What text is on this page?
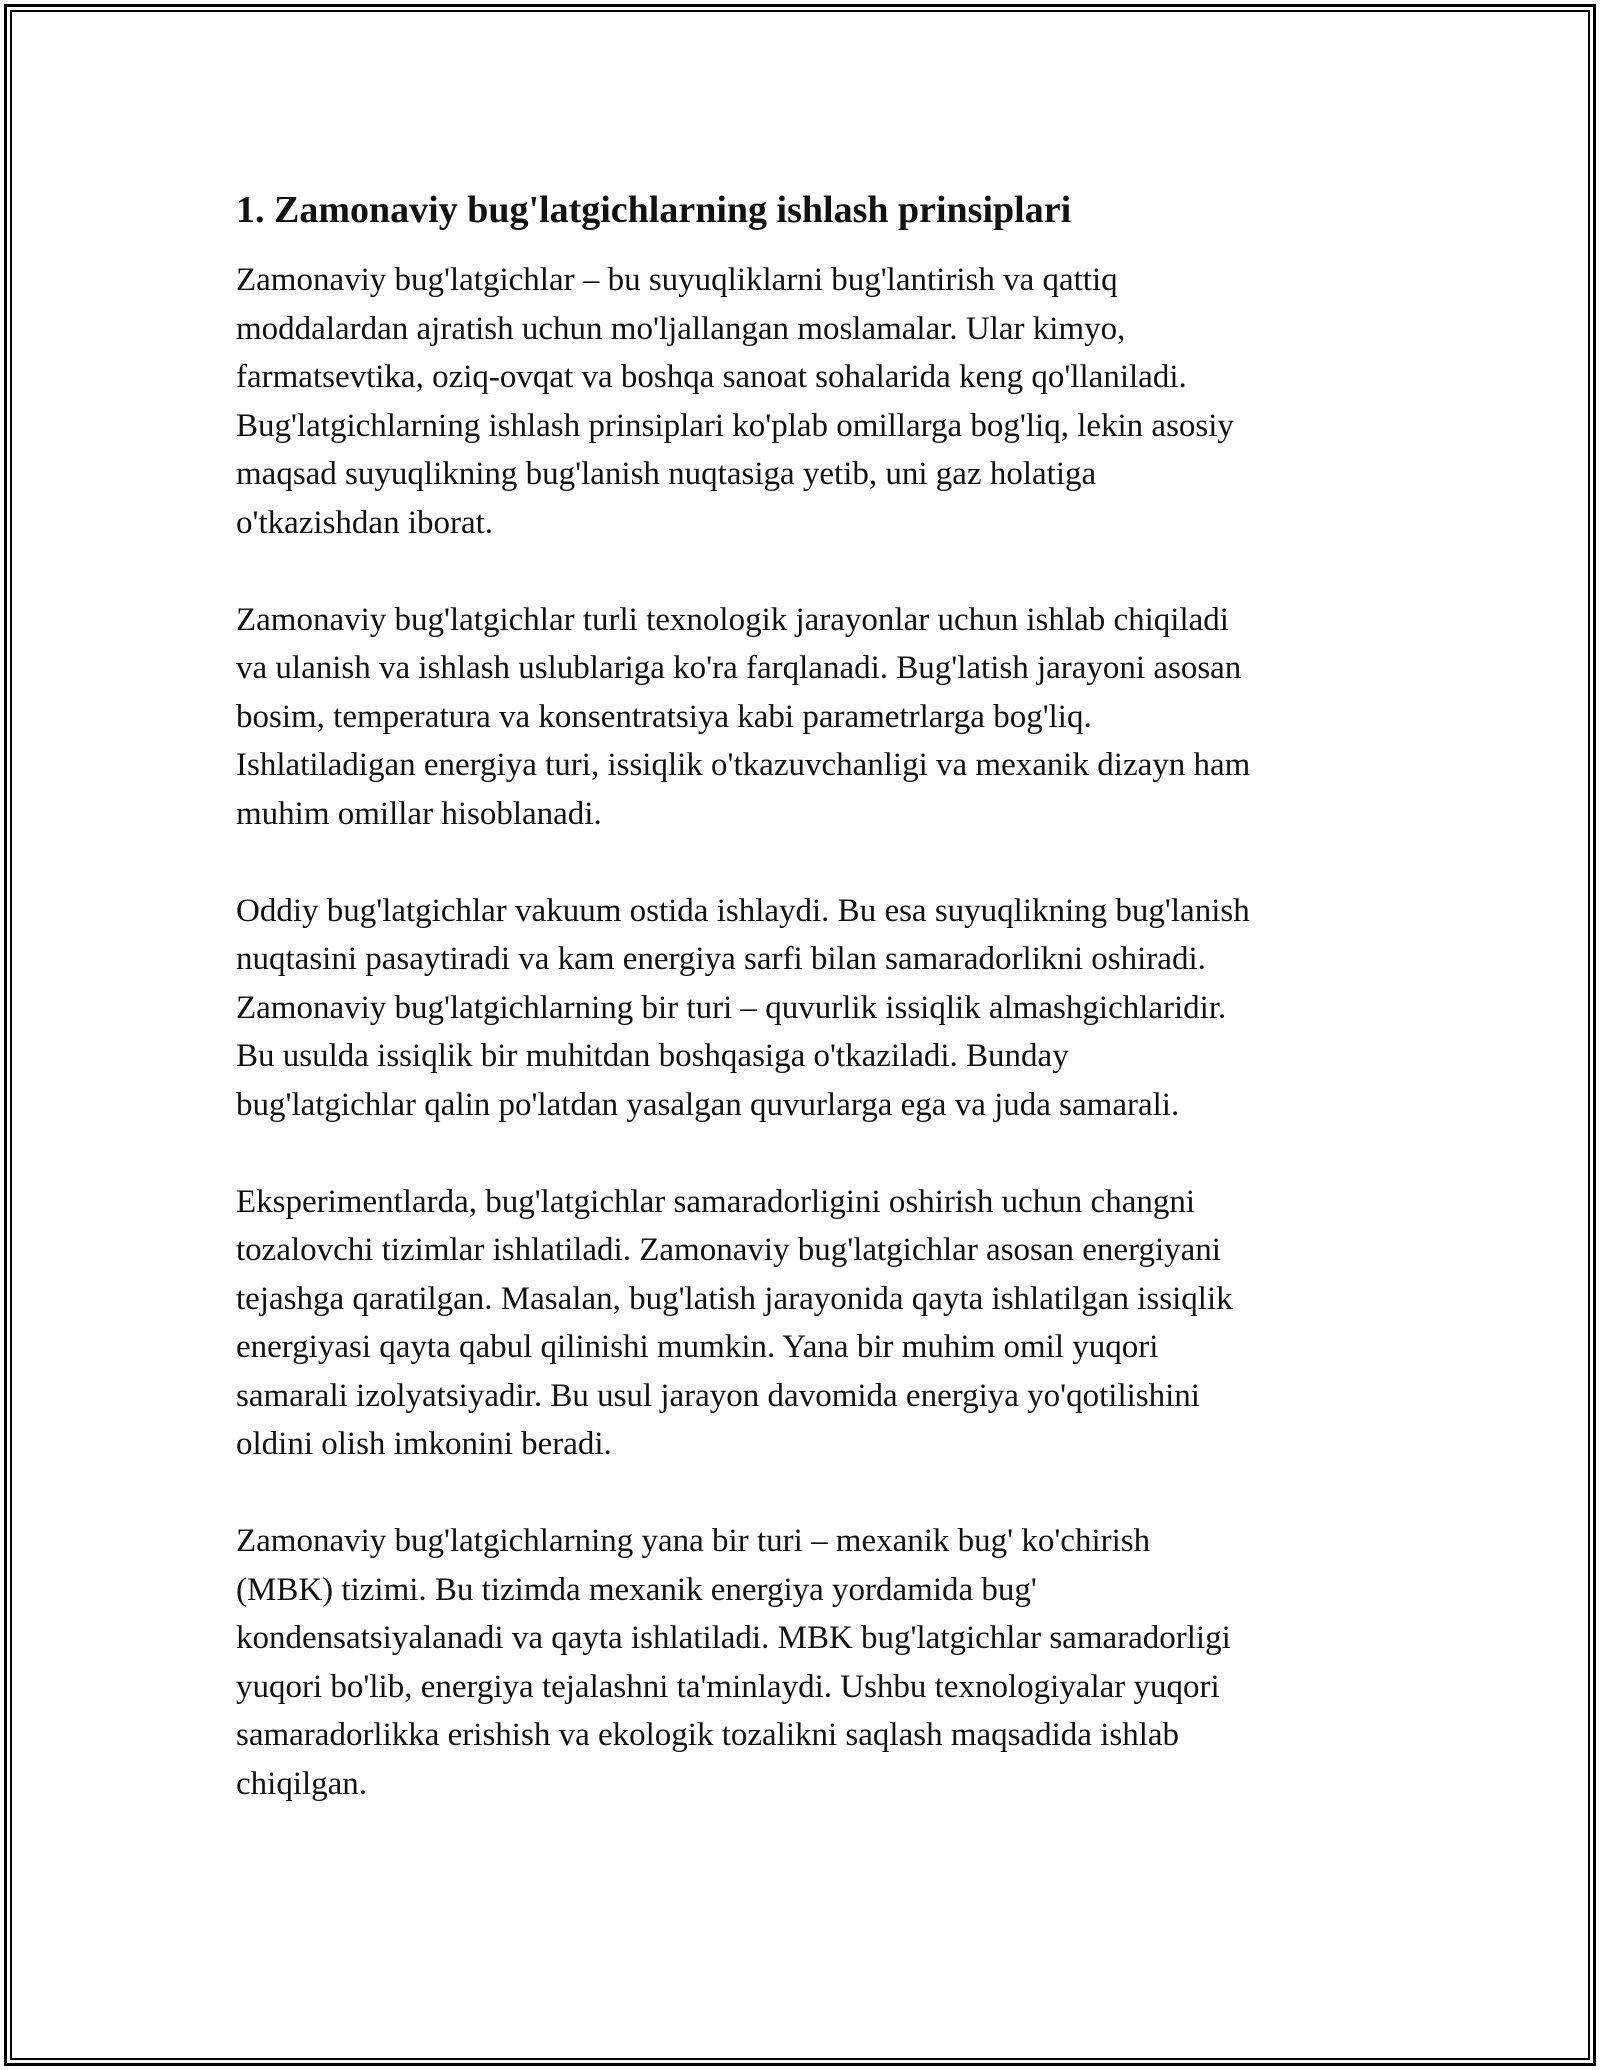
1. Zamonaviy bug'latgichlarning ishlash prinsiplari

Zamonaviy bug'latgichlar – bu suyuqliklarni bug'lantirish va qattiq
moddalardan ajratish uchun mo'ljallangan moslamalar. Ular kimyo,
farmatsevtika, oziq-ovqat va boshqa sanoat sohalarida keng qo'llaniladi.
Bug'latgichlarning ishlash prinsiplari ko'plab omillarga bog'liq, lekin asosiy
maqsad suyuqlikning bug'lanish nuqtasiga yetib, uni gaz holatiga
o'tkazishdan iborat.

Zamonaviy bug'latgichlar turli texnologik jarayonlar uchun ishlab chiqiladi
va ulanish va ishlash uslublariga ko'ra farqlanadi. Bug'latish jarayoni asosan
bosim, temperatura va konsentratsiya kabi parametrlarga bog'liq.
Ishlatiladigan energiya turi, issiqlik o'tkazuvchanligi va mexanik dizayn ham
muhim omillar hisoblanadi.

Oddiy bug'latgichlar vakuum ostida ishlaydi. Bu esa suyuqlikning bug'lanish
nuqtasini pasaytiradi va kam energiya sarfi bilan samaradorlikni oshiradi.
Zamonaviy bug'latgichlarning bir turi – quvurlik issiqlik almashgichlaridir.
Bu usulda issiqlik bir muhitdan boshqasiga o'tkaziladi. Bunday
bug'latgichlar qalin po'latdan yasalgan quvurlarga ega va juda samarali.

Eksperimentlarda, bug'latgichlar samaradorligini oshirish uchun changni
tozalovchi tizimlar ishlatiladi. Zamonaviy bug'latgichlar asosan energiyani
tejashga qaratilgan. Masalan, bug'latish jarayonida qayta ishlatilgan issiqlik
energiyasi qayta qabul qilinishi mumkin. Yana bir muhim omil yuqori
samarali izolyatsiyadir. Bu usul jarayon davomida energiya yo'qotilishini
oldini olish imkonini beradi.

Zamonaviy bug'latgichlarning yana bir turi – mexanik bug' ko'chirish
(MBK) tizimi. Bu tizimda mexanik energiya yordamida bug'
kondensatsiyalanadi va qayta ishlatiladi. MBK bug'latgichlar samaradorligi
yuqori bo'lib, energiya tejalashni ta'minlaydi. Ushbu texnologiyalar yuqori
samaradorlikka erishish va ekologik tozalikni saqlash maqsadida ishlab
chiqilgan.
